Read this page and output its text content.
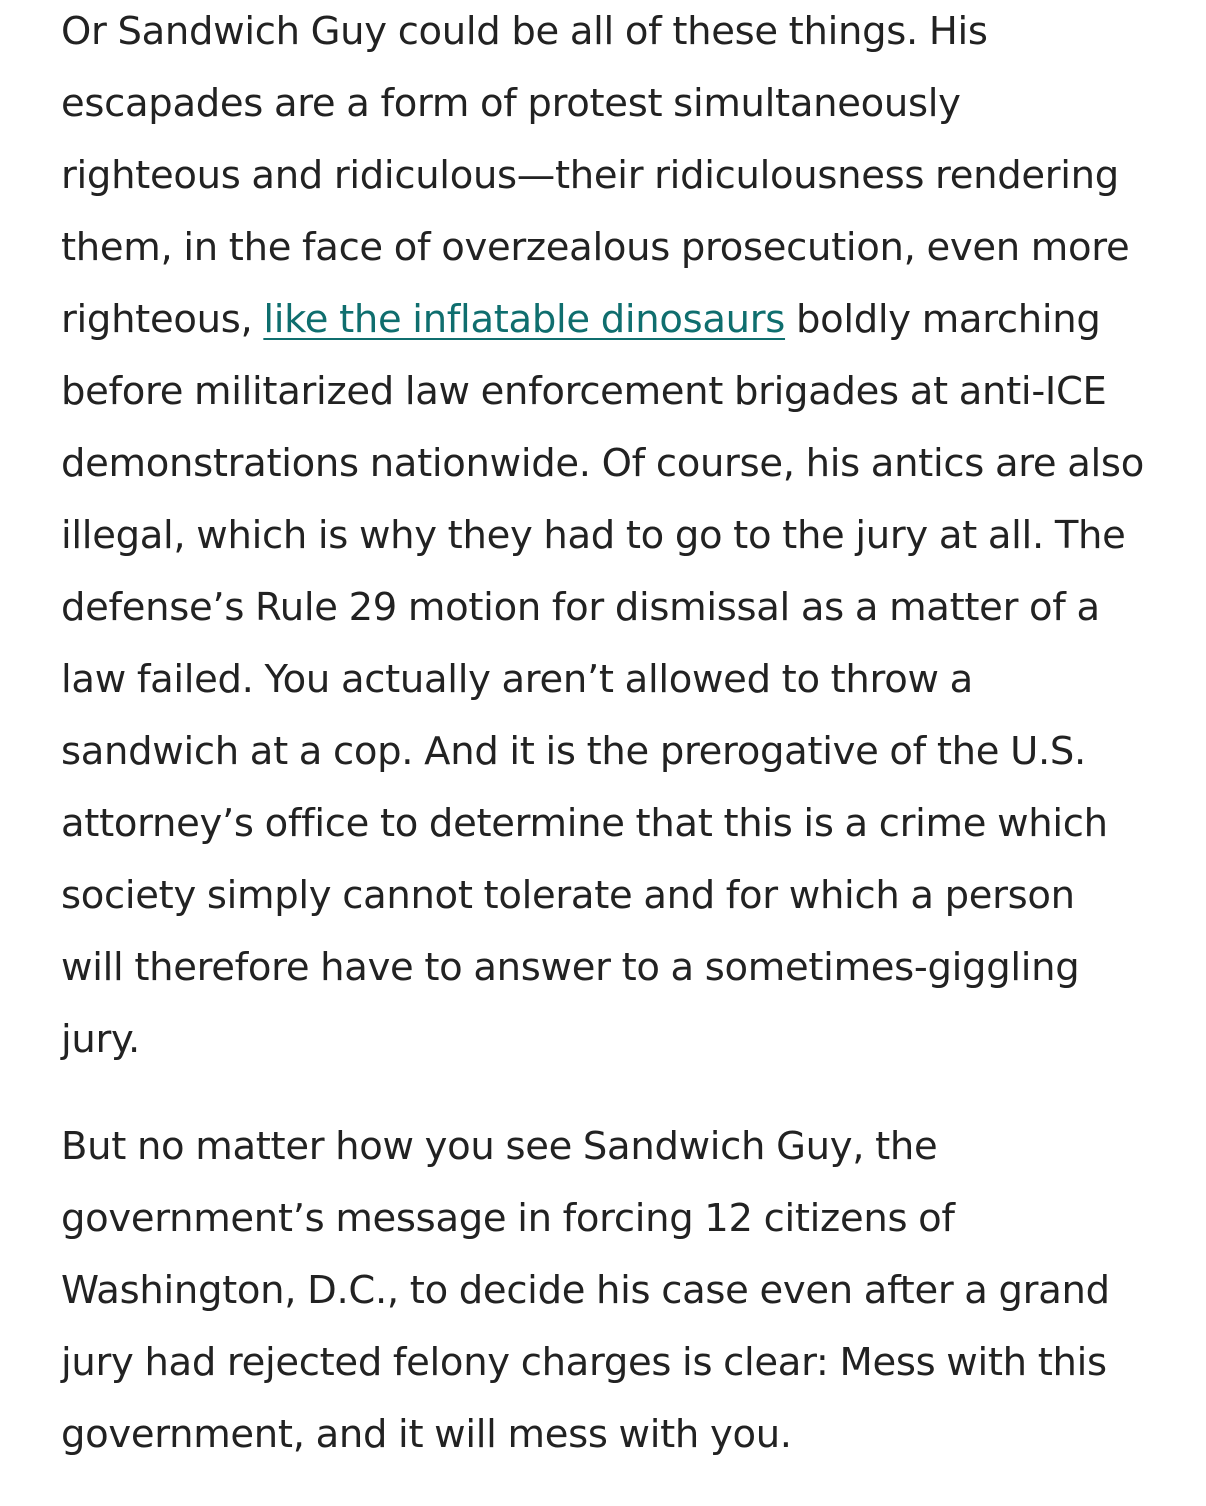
Or Sandwich Guy could be all of these things. His escapades are a form of protest simultaneously righteous and ridiculous—their ridiculousness rendering them, in the face of overzealous prosecution, even more righteous, like the inflatable dinosaurs boldly marching before militarized law enforcement brigades at anti-ICE demonstrations nationwide. Of course, his antics are also illegal, which is why they had to go to the jury at all. The defense’s Rule 29 motion for dismissal as a matter of a law failed. You actually aren’t allowed to throw a sandwich at a cop. And it is the prerogative of the U.S. attorney’s office to determine that this is a crime which society simply cannot tolerate and for which a person will therefore have to answer to a sometimes-giggling jury.

But no matter how you see Sandwich Guy, the government’s message in forcing 12 citizens of Washington, D.C., to decide his case even after a grand jury had rejected felony charges is clear: Mess with this government, and it will mess with you.
